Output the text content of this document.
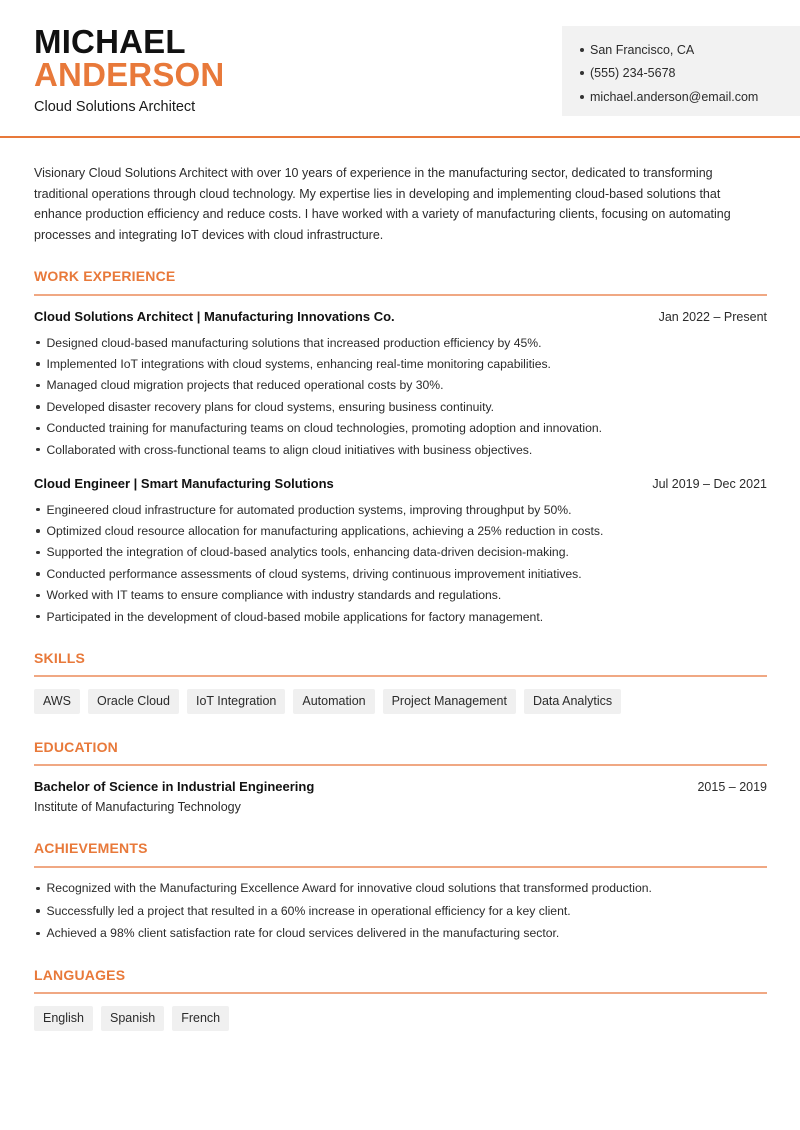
MICHAEL
ANDERSON
Cloud Solutions Architect
San Francisco, CA
(555) 234-5678
michael.anderson@email.com

Visionary Cloud Solutions Architect with over 10 years of experience in the manufacturing sector, dedicated to transforming traditional operations through cloud technology. My expertise lies in developing and implementing cloud-based solutions that enhance production efficiency and reduce costs. I have worked with a variety of manufacturing clients, focusing on automating processes and integrating IoT devices with cloud infrastructure.

WORK EXPERIENCE
Cloud Solutions Architect | Manufacturing Innovations Co.	Jan 2022 – Present
Designed cloud-based manufacturing solutions that increased production efficiency by 45%.
Implemented IoT integrations with cloud systems, enhancing real-time monitoring capabilities.
Managed cloud migration projects that reduced operational costs by 30%.
Developed disaster recovery plans for cloud systems, ensuring business continuity.
Conducted training for manufacturing teams on cloud technologies, promoting adoption and innovation.
Collaborated with cross-functional teams to align cloud initiatives with business objectives.
Cloud Engineer | Smart Manufacturing Solutions	Jul 2019 – Dec 2021
Engineered cloud infrastructure for automated production systems, improving throughput by 50%.
Optimized cloud resource allocation for manufacturing applications, achieving a 25% reduction in costs.
Supported the integration of cloud-based analytics tools, enhancing data-driven decision-making.
Conducted performance assessments of cloud systems, driving continuous improvement initiatives.
Worked with IT teams to ensure compliance with industry standards and regulations.
Participated in the development of cloud-based mobile applications for factory management.
SKILLS
AWS	Oracle Cloud	IoT Integration	Automation	Project Management	Data Analytics
EDUCATION
Bachelor of Science in Industrial Engineering	2015 – 2019
Institute of Manufacturing Technology
ACHIEVEMENTS
Recognized with the Manufacturing Excellence Award for innovative cloud solutions that transformed production.
Successfully led a project that resulted in a 60% increase in operational efficiency for a key client.
Achieved a 98% client satisfaction rate for cloud services delivered in the manufacturing sector.
LANGUAGES
English	Spanish	French
